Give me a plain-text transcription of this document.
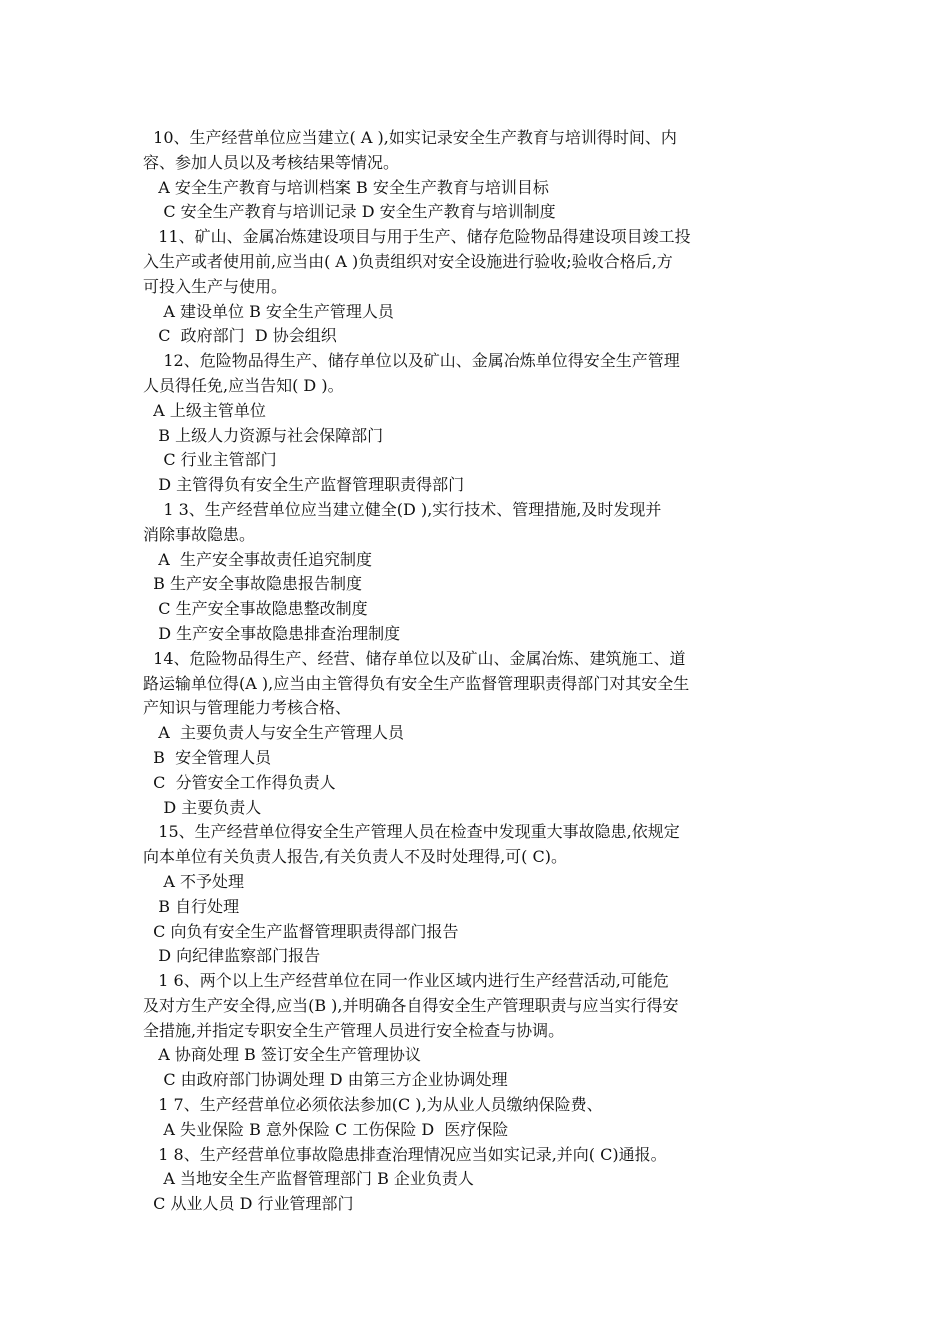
10、生产经营单位应当建立( A ),如实记录安全生产教育与培训得时间、内
容、参加人员以及考核结果等情况。
A 安全生产教育与培训档案 B 安全生产教育与培训目标
C 安全生产教育与培训记录 D 安全生产教育与培训制度
11、矿山、金属冶炼建设项目与用于生产、储存危险物品得建设项目竣工投
入生产或者使用前,应当由( A )负责组织对安全设施进行验收;验收合格后,方
可投入生产与使用。
A 建设单位 B 安全生产管理人员
C  政府部门  D 协会组织
12、危险物品得生产、储存单位以及矿山、金属冶炼单位得安全生产管理
人员得任免,应当告知( D )。
A 上级主管单位
B 上级人力资源与社会保障部门
C 行业主管部门
D 主管得负有安全生产监督管理职责得部门
1 3、生产经营单位应当建立健全(D ),实行技术、管理措施,及时发现并
消除事故隐患。
A  生产安全事故责任追究制度
B 生产安全事故隐患报告制度
C 生产安全事故隐患整改制度
D 生产安全事故隐患排查治理制度
14、危险物品得生产、经营、储存单位以及矿山、金属冶炼、建筑施工、道
路运输单位得(A ),应当由主管得负有安全生产监督管理职责得部门对其安全生
产知识与管理能力考核合格、
A  主要负责人与安全生产管理人员
B  安全管理人员
C  分管安全工作得负责人
D 主要负责人
15、生产经营单位得安全生产管理人员在检查中发现重大事故隐患,依规定
向本单位有关负责人报告,有关负责人不及时处理得,可( C)。
A 不予处理
B 自行处理
C 向负有安全生产监督管理职责得部门报告
D 向纪律监察部门报告
1 6、两个以上生产经营单位在同一作业区域内进行生产经营活动,可能危
及对方生产安全得,应当(B ),并明确各自得安全生产管理职责与应当实行得安
全措施,并指定专职安全生产管理人员进行安全检查与协调。
A 协商处理 B 签订安全生产管理协议
C 由政府部门协调处理 D 由第三方企业协调处理
1 7、生产经营单位必须依法参加(C ),为从业人员缴纳保险费、
A 失业保险 B 意外保险 C 工伤保险 D  医疗保险
1 8、生产经营单位事故隐患排查治理情况应当如实记录,并向( C)通报。
A 当地安全生产监督管理部门 B 企业负责人
C 从业人员 D 行业管理部门
